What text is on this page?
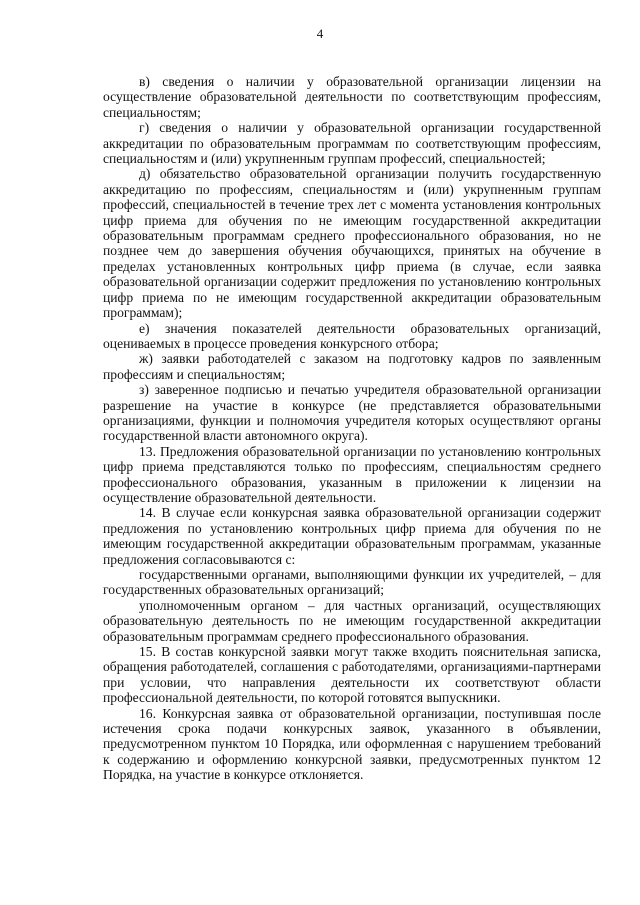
4

в) сведения о наличии у образовательной организации лицензии на осуществление образовательной деятельности по соответствующим профессиям, специальностям;

г) сведения о наличии у образовательной организации государственной аккредитации по образовательным программам по соответствующим профессиям, специальностям и (или) укрупненным группам профессий, специальностей;

д) обязательство образовательной организации получить государственную аккредитацию по профессиям, специальностям и (или) укрупненным группам профессий, специальностей в течение трех лет с момента установления контрольных цифр приема для обучения по не имеющим государственной аккредитации образовательным программам среднего профессионального образования, но не позднее чем до завершения обучения обучающихся, принятых на обучение в пределах установленных контрольных цифр приема (в случае, если заявка образовательной организации содержит предложения по установлению контрольных цифр приема по не имеющим государственной аккредитации образовательным программам);

е) значения показателей деятельности образовательных организаций, оцениваемых в процессе проведения конкурсного отбора;

ж) заявки работодателей с заказом на подготовку кадров по заявленным профессиям и специальностям;

з) заверенное подписью и печатью учредителя образовательной организации разрешение на участие в конкурсе (не представляется образовательными организациями, функции и полномочия учредителя которых осуществляют органы государственной власти автономного округа).

13. Предложения образовательной организации по установлению контрольных цифр приема представляются только по профессиям, специальностям среднего профессионального образования, указанным в приложении к лицензии на осуществление образовательной деятельности.

14. В случае если конкурсная заявка образовательной организации содержит предложения по установлению контрольных цифр приема для обучения по не имеющим государственной аккредитации образовательным программам, указанные предложения согласовываются с:

государственными органами, выполняющими функции их учредителей, – для государственных образовательных организаций;

уполномоченным органом – для частных организаций, осуществляющих образовательную деятельность по не имеющим государственной аккредитации образовательным программам среднего профессионального образования.

15. В состав конкурсной заявки могут также входить пояснительная записка, обращения работодателей, соглашения с работодателями, организациями-партнерами при условии, что направления деятельности их соответствуют области профессиональной деятельности, по которой готовятся выпускники.

16. Конкурсная заявка от образовательной организации, поступившая после истечения срока подачи конкурсных заявок, указанного в объявлении, предусмотренном пунктом 10 Порядка, или оформленная с нарушением требований к содержанию и оформлению конкурсной заявки, предусмотренных пунктом 12 Порядка, на участие в конкурсе отклоняется.
